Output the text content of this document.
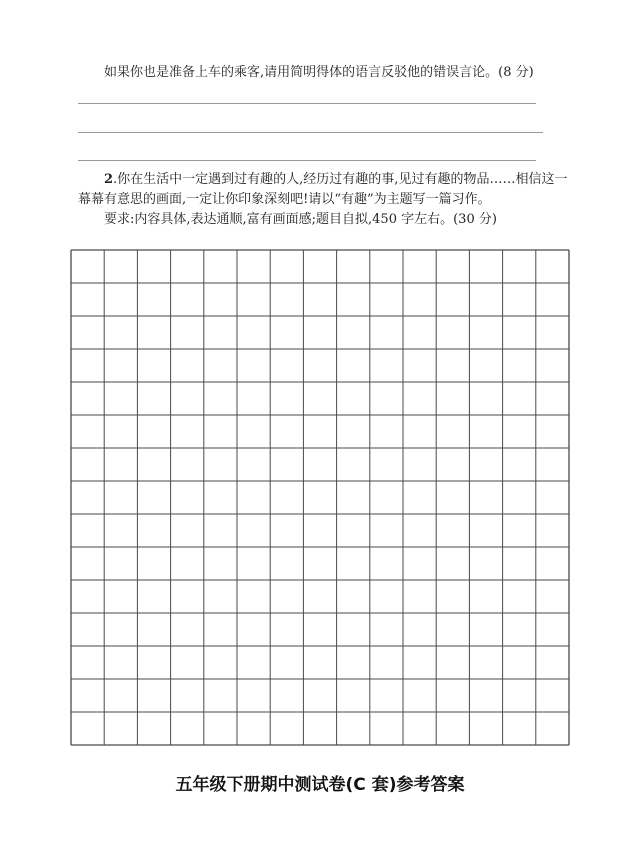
如果你也是准备上车的乘客,请用简明得体的语言反驳他的错误言论。(8 分)

2.你在生活中一定遇到过有趣的人,经历过有趣的事,见过有趣的物品……相信这一

幕幕有意思的画面,一定让你印象深刻吧!请以“有趣”为主题写一篇习作。

要求:内容具体,表达通顺,富有画面感;题目自拟,450 字左右。(30 分)

五年级下册期中测试卷(C 套)参考答案
